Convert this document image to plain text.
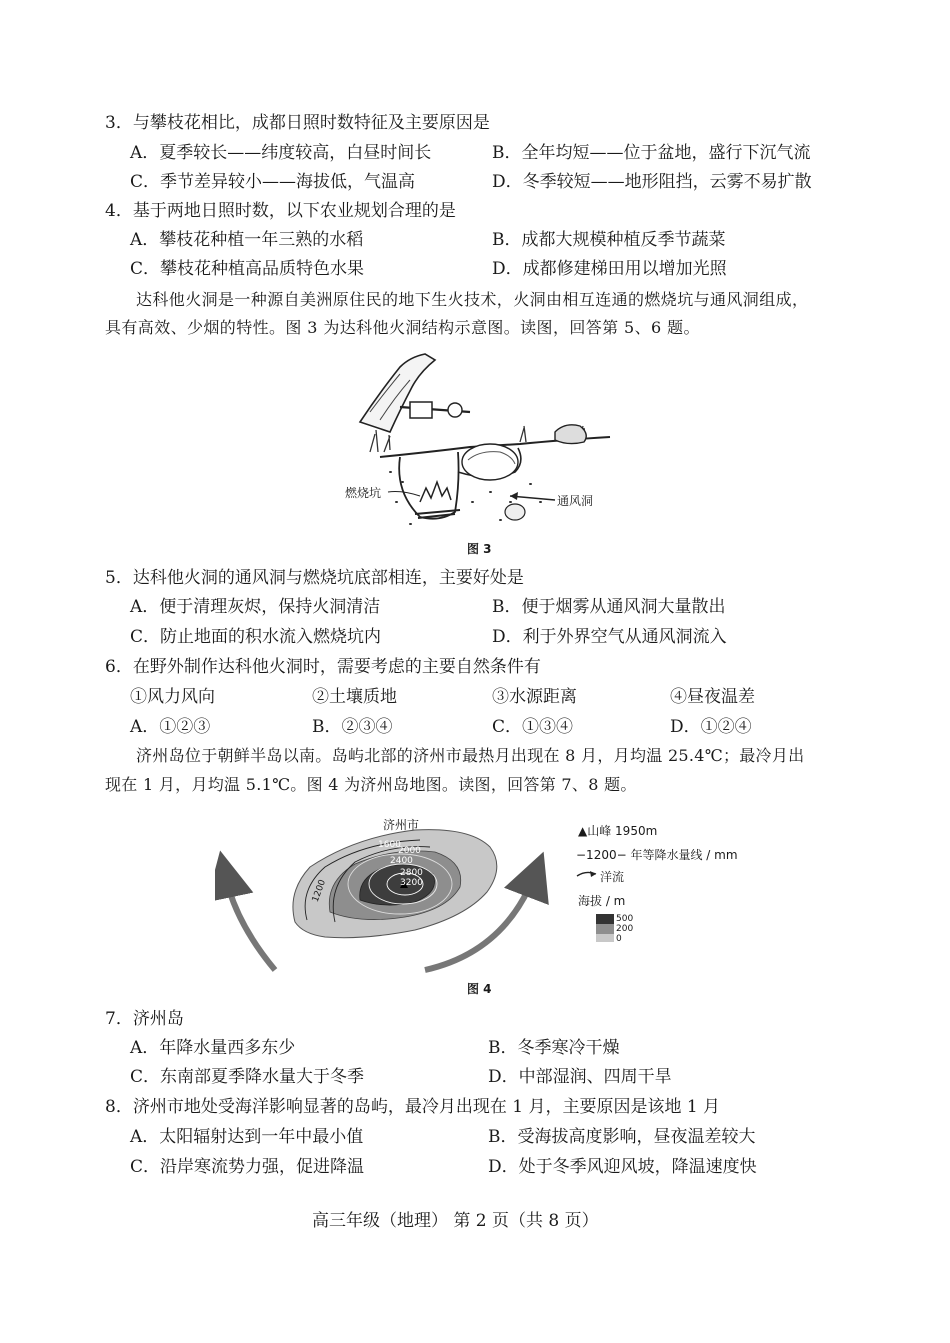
3．与攀枝花相比，成都日照时数特征及主要原因是
A．夏季较长——纬度较高，白昼时间长	B．全年均短——位于盆地，盛行下沉气流
C．季节差异较小——海拔低，气温高	D．冬季较短——地形阻挡，云雾不易扩散
4．基于两地日照时数，以下农业规划合理的是
A．攀枝花种植一年三熟的水稻	B．成都大规模种植反季节蔬菜
C．攀枝花种植高品质特色水果	D．成都修建梯田用以增加光照
达科他火洞是一种源自美洲原住民的地下生火技术，火洞由相互连通的燃烧坑与通风洞组成，
具有高效、少烟的特性。图 3 为达科他火洞结构示意图。读图，回答第 5、6 题。
燃烧坑
通风洞
图 3
5．达科他火洞的通风洞与燃烧坑底部相连，主要好处是
A．便于清理灰烬，保持火洞清洁	B．便于烟雾从通风洞大量散出
C．防止地面的积水流入燃烧坑内	D．利于外界空气从通风洞流入
6．在野外制作达科他火洞时，需要考虑的主要自然条件有
①风力风向	②土壤质地	③水源距离	④昼夜温差
A．①②③	B．②③④	C．①③④	D．①②④
济州岛位于朝鲜半岛以南。岛屿北部的济州市最热月出现在 8 月，月均温 25.4℃；最冷月出
现在 1 月，月均温 5.1℃。图 4 为济州岛地图。读图，回答第 7、8 题。
济州市
1600
2000
2400
2800
3200
1200
▲山峰 1950m
−1200− 年等降水量线 / mm
洋流
海拔 / m
500
200
0
图 4
7．济州岛
A．年降水量西多东少	B．冬季寒冷干燥
C．东南部夏季降水量大于冬季	D．中部湿润、四周干旱
8．济州市地处受海洋影响显著的岛屿，最冷月出现在 1 月，主要原因是该地 1 月
A．太阳辐射达到一年中最小值	B．受海拔高度影响，昼夜温差较大
C．沿岸寒流势力强，促进降温	D．处于冬季风迎风坡，降温速度快
高三年级（地理） 第 2 页（共 8 页）
